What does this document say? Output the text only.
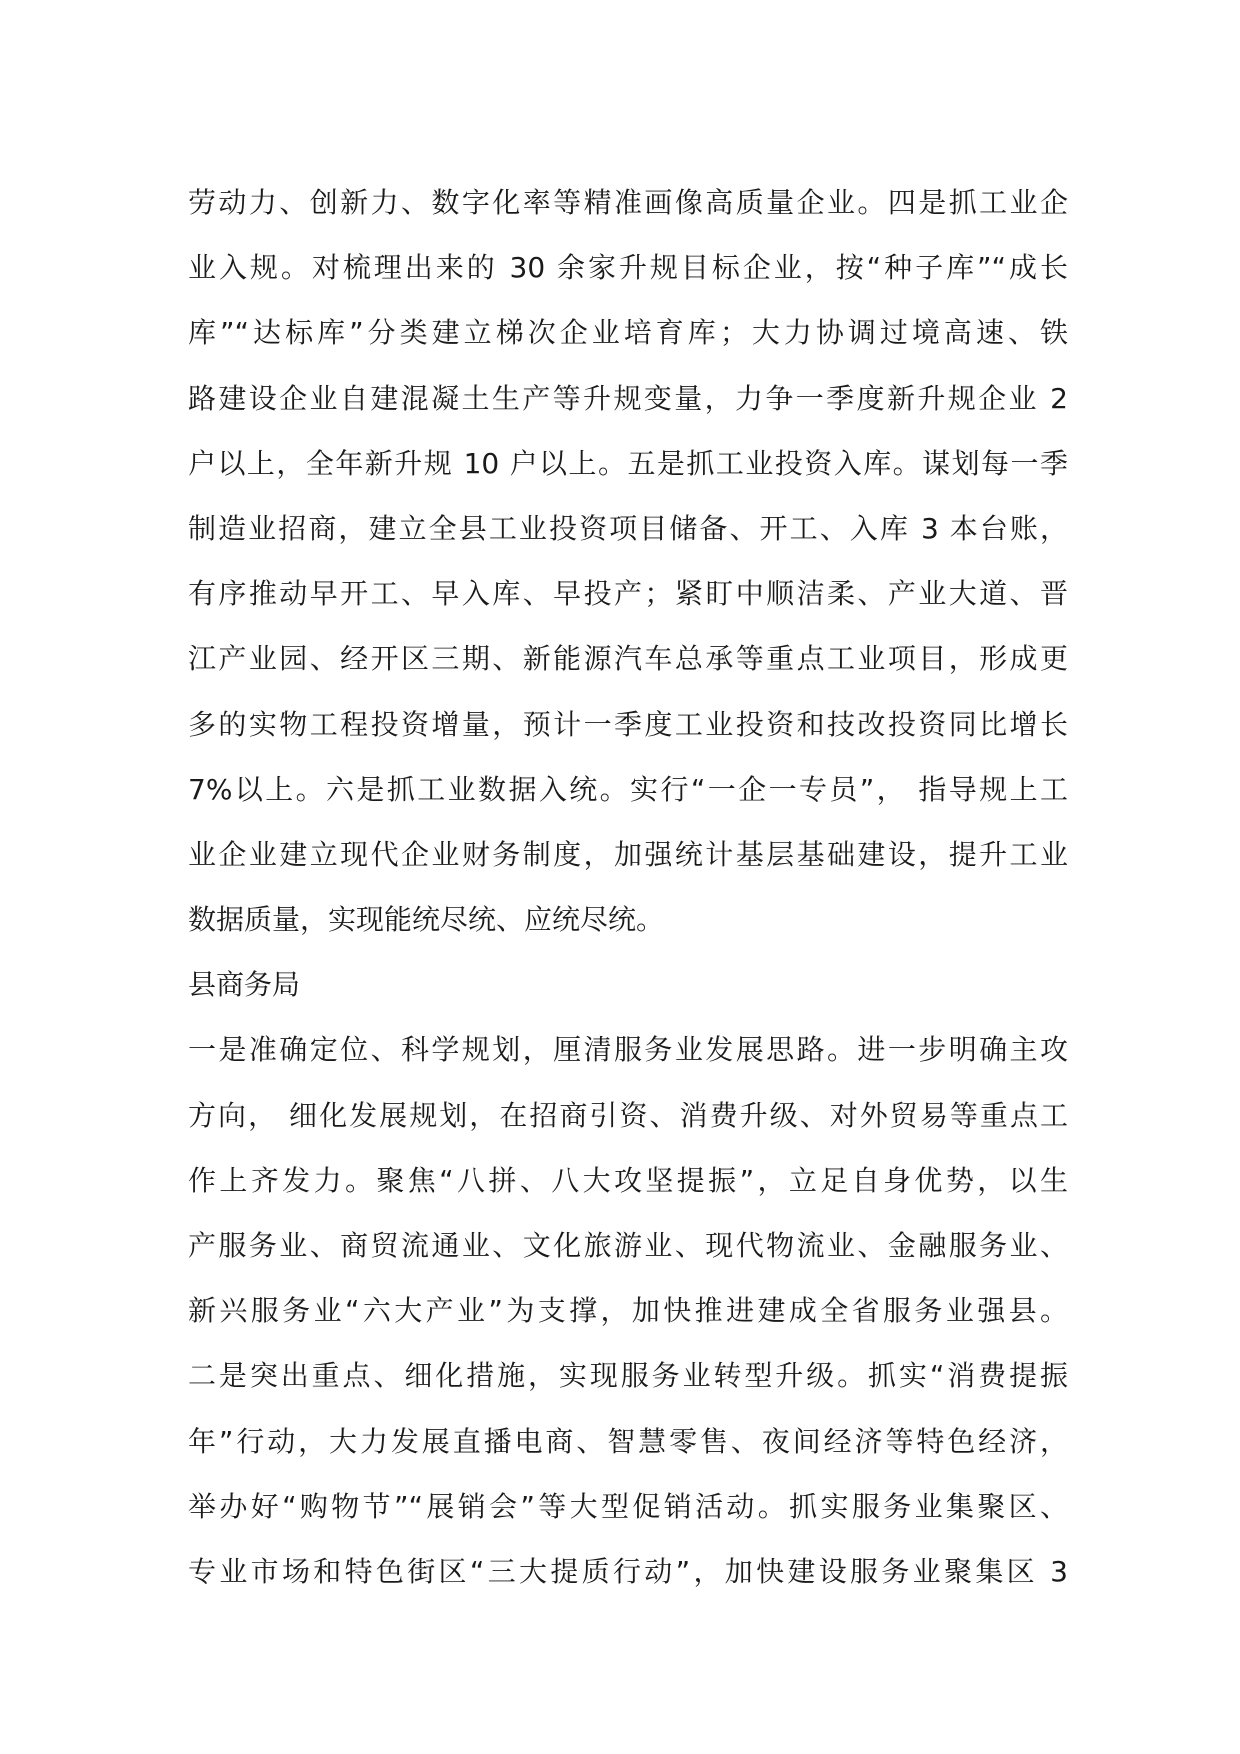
劳动力、创新力、数字化率等精准画像高质量企业。四是抓工业企
业入规。对梳理出来的 30 余家升规目标企业，按“种子库”“成长
库”“达标库”分类建立梯次企业培育库；大力协调过境高速、铁
路建设企业自建混凝土生产等升规变量，力争一季度新升规企业 2
户以上，全年新升规 10 户以上。五是抓工业投资入库。谋划每一季
制造业招商，建立全县工业投资项目储备、开工、入库 3 本台账，
有序推动早开工、早入库、早投产；紧盯中顺洁柔、产业大道、晋
江产业园、经开区三期、新能源汽车总承等重点工业项目，形成更
多的实物工程投资增量，预计一季度工业投资和技改投资同比增长
7%以上。六是抓工业数据入统。实行“一企一专员”， 指导规上工
业企业建立现代企业财务制度，加强统计基层基础建设，提升工业
数据质量，实现能统尽统、应统尽统。
县商务局
一是准确定位、科学规划，厘清服务业发展思路。进一步明确主攻
方向， 细化发展规划，在招商引资、消费升级、对外贸易等重点工
作上齐发力。聚焦“八拼、八大攻坚提振”，立足自身优势，以生
产服务业、商贸流通业、文化旅游业、现代物流业、金融服务业、
新兴服务业“六大产业”为支撑，加快推进建成全省服务业强县。
二是突出重点、细化措施，实现服务业转型升级。抓实“消费提振
年”行动，大力发展直播电商、智慧零售、夜间经济等特色经济，
举办好“购物节”“展销会”等大型促销活动。抓实服务业集聚区、
专业市场和特色街区“三大提质行动”，加快建设服务业聚集区 3
